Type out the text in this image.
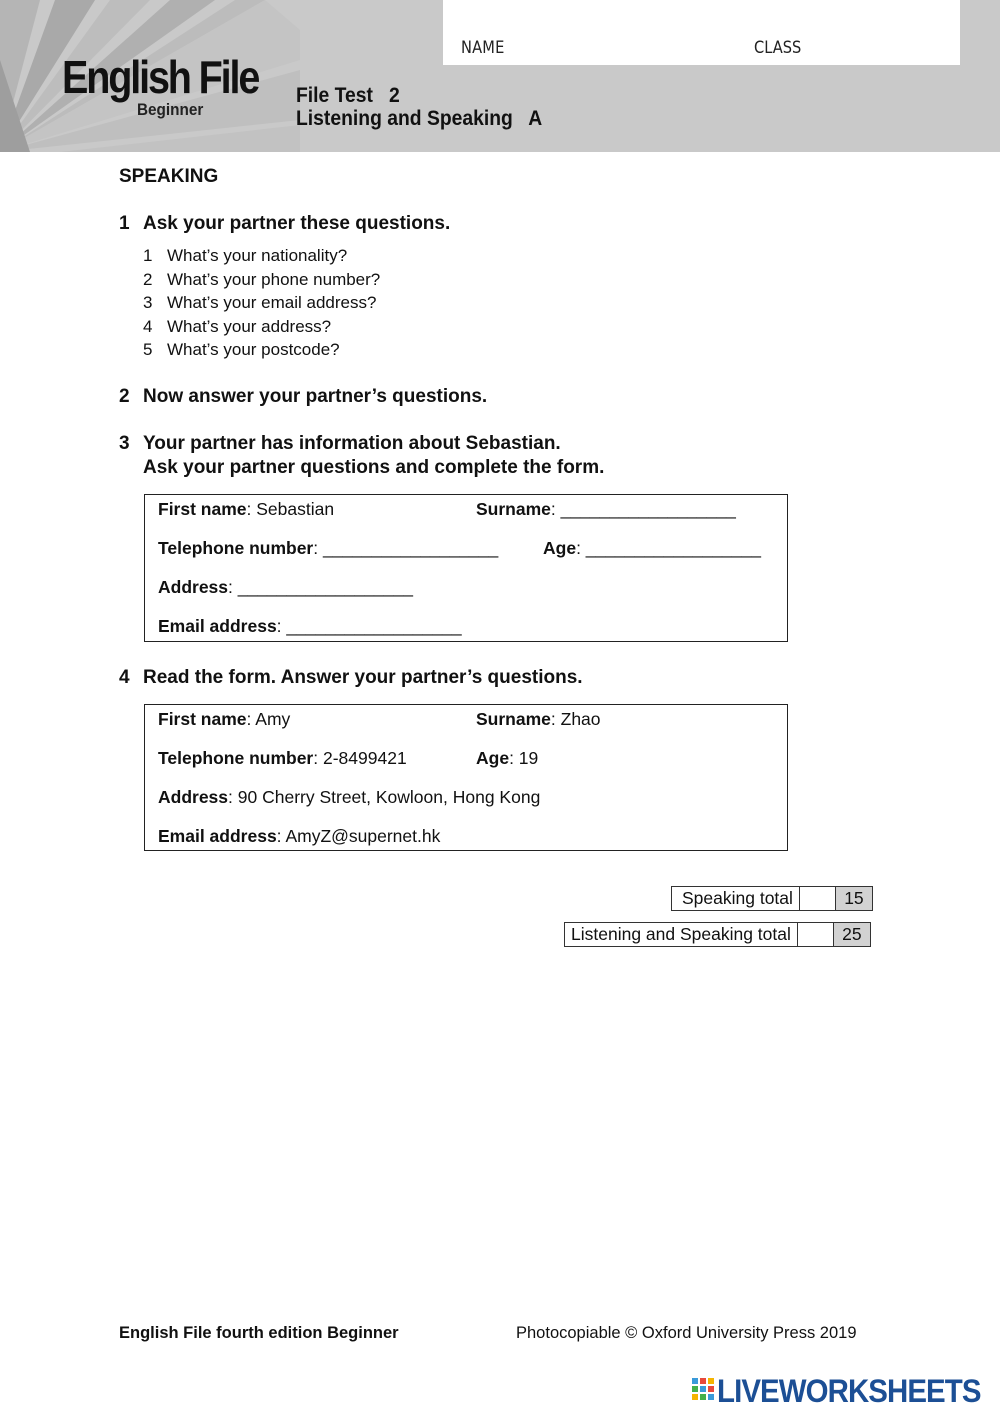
NAME	CLASS
English File
Beginner
File Test   2
Listening and Speaking   A
SPEAKING
1 Ask your partner these questions.
1 What’s your nationality?
2 What’s your phone number?
3 What’s your email address?
4 What’s your address?
5 What’s your postcode?
2 Now answer your partner’s questions.
3 Your partner has information about Sebastian.
Ask your partner questions and complete the form.
First name: Sebastian	Surname: __________________
Telephone number: __________________	Age: __________________
Address: __________________
Email address: __________________
4 Read the form. Answer your partner’s questions.
First name: Amy	Surname: Zhao
Telephone number: 2-8499421	Age: 19
Address: 90 Cherry Street, Kowloon, Hong Kong
Email address: AmyZ@supernet.hk
Speaking total	15
Listening and Speaking total	25
English File fourth edition Beginner	Photocopiable © Oxford University Press 2019
LIVEWORKSHEETS
